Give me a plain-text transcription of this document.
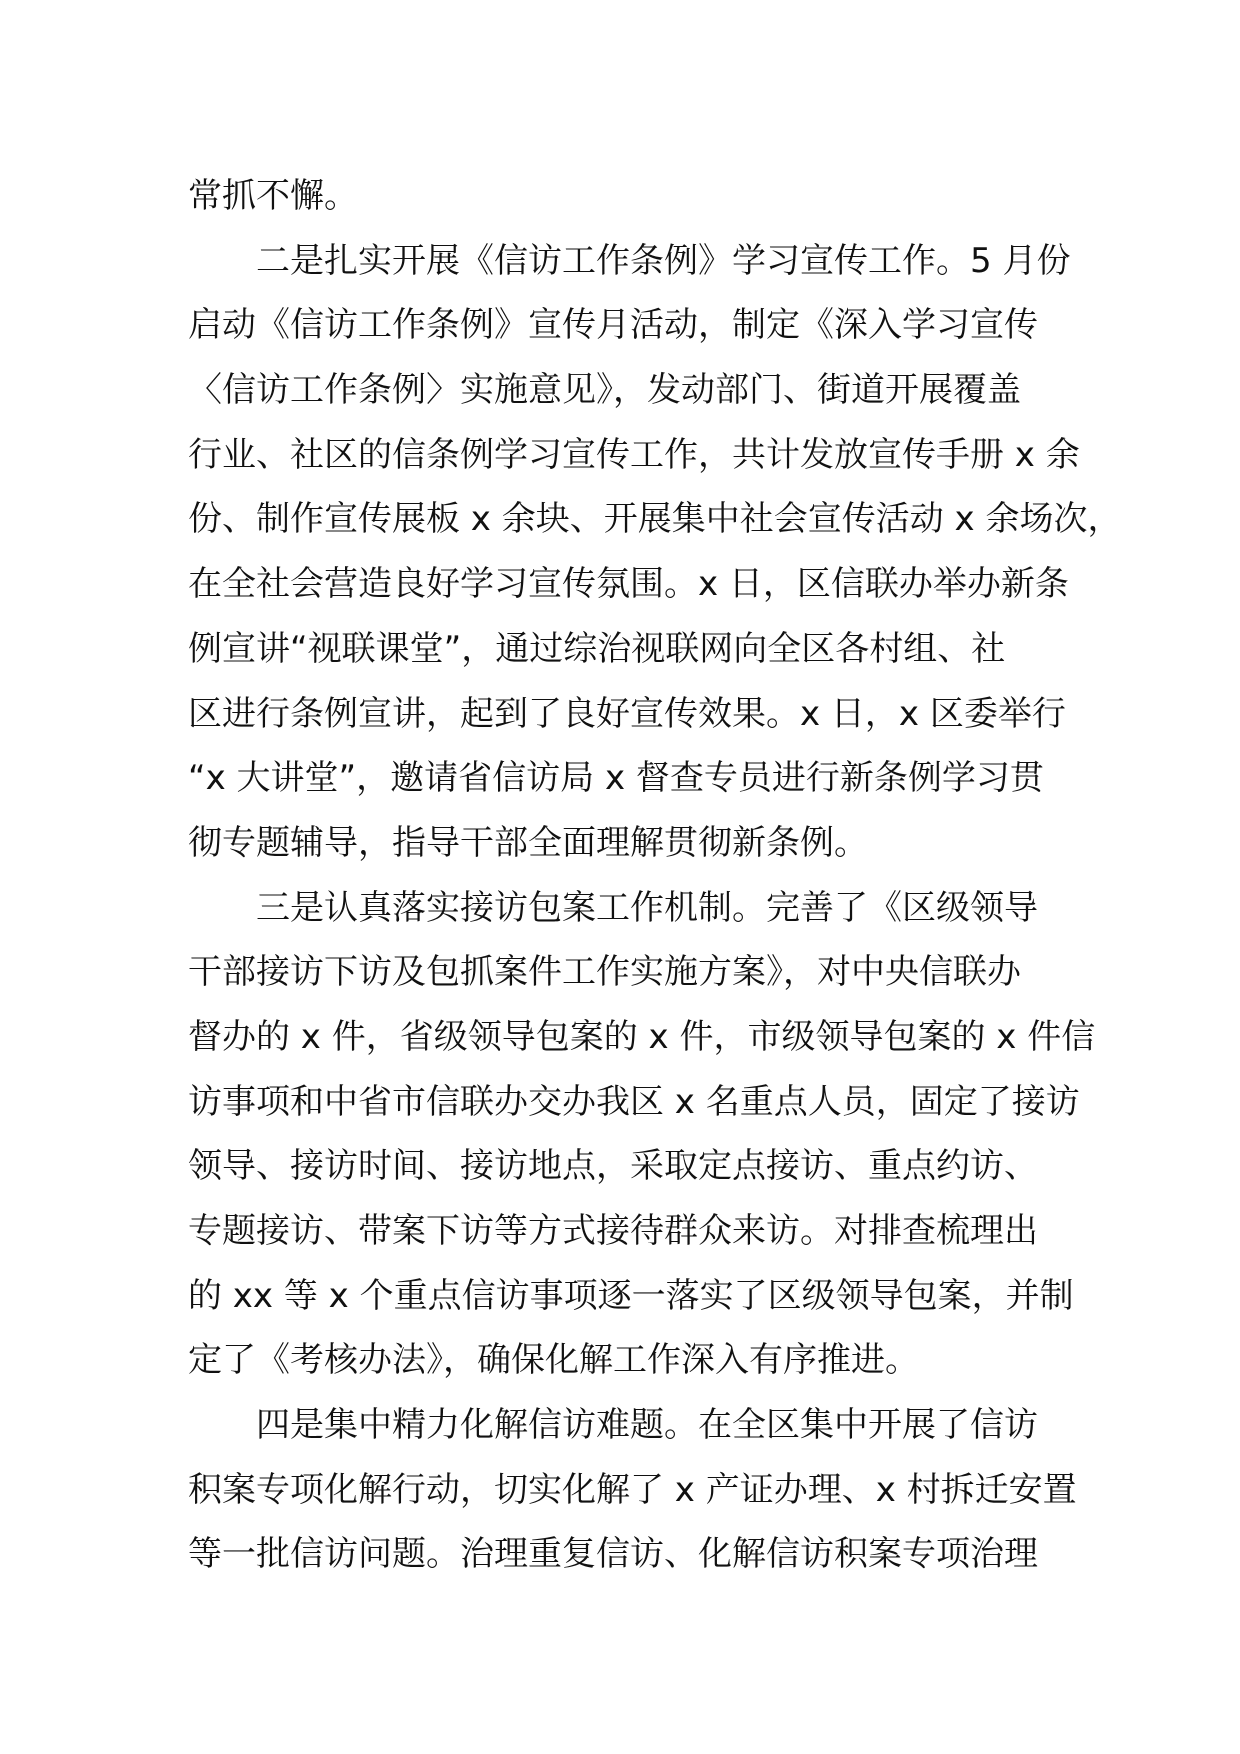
常抓不懈。
二是扎实开展《信访工作条例》学习宣传工作。5 月份
启动《信访工作条例》宣传月活动，制定《深入学习宣传
〈信访工作条例〉实施意见》，发动部门、街道开展覆盖
行业、社区的信条例学习宣传工作，共计发放宣传手册 x 余
份、制作宣传展板 x 余块、开展集中社会宣传活动 x 余场次，
在全社会营造良好学习宣传氛围。x 日，区信联办举办新条
例宣讲“视联课堂”，通过综治视联网向全区各村组、社
区进行条例宣讲，起到了良好宣传效果。x 日，x 区委举行
“x 大讲堂”，邀请省信访局 x 督查专员进行新条例学习贯
彻专题辅导，指导干部全面理解贯彻新条例。
三是认真落实接访包案工作机制。完善了《区级领导
干部接访下访及包抓案件工作实施方案》，对中央信联办
督办的 x 件，省级领导包案的 x 件，市级领导包案的 x 件信
访事项和中省市信联办交办我区 x 名重点人员，固定了接访
领导、接访时间、接访地点，采取定点接访、重点约访、
专题接访、带案下访等方式接待群众来访。对排查梳理出
的 xx 等 x 个重点信访事项逐一落实了区级领导包案，并制
定了《考核办法》，确保化解工作深入有序推进。
四是集中精力化解信访难题。在全区集中开展了信访
积案专项化解行动，切实化解了 x 产证办理、x 村拆迁安置
等一批信访问题。治理重复信访、化解信访积案专项治理
